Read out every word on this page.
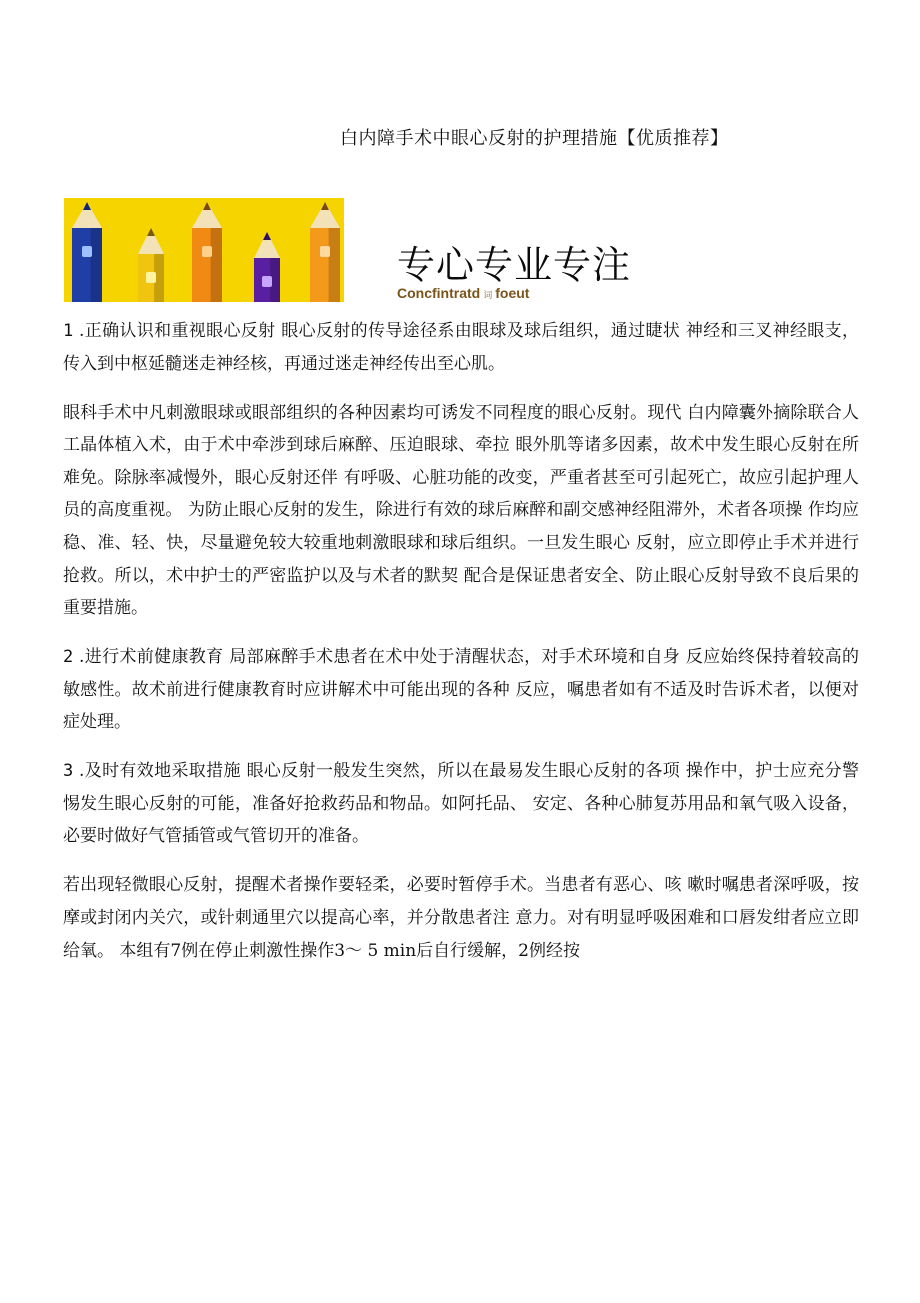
白内障手术中眼心反射的护理措施【优质推荐】
专心专业专注
Concfintratd 词 foeut

1 .正确认识和重视眼心反射 眼心反射的传导途径系由眼球及球后组织，通过睫状 神经和三叉神经眼支，传入到中枢延髓迷走神经核，再通过迷走神经传出至心肌。

眼科手术中凡刺激眼球或眼部组织的各种因素均可诱发不同程度的眼心反射。现代 白内障囊外摘除联合人工晶体植入术，由于术中牵涉到球后麻醉、压迫眼球、牵拉 眼外肌等诸多因素，故术中发生眼心反射在所难免。除脉率减慢外，眼心反射还伴 有呼吸、心脏功能的改变，严重者甚至可引起死亡，故应引起护理人员的高度重视。 为防止眼心反射的发生，除进行有效的球后麻醉和副交感神经阻滞外，术者各项操 作均应稳、准、轻、快，尽量避免较大较重地刺激眼球和球后组织。一旦发生眼心 反射，应立即停止手术并进行抢救。所以，术中护士的严密监护以及与术者的默契 配合是保证患者安全、防止眼心反射导致不良后果的重要措施。

2 .进行术前健康教育 局部麻醉手术患者在术中处于清醒状态，对手术环境和自身 反应始终保持着较高的敏感性。故术前进行健康教育时应讲解术中可能出现的各种 反应，嘱患者如有不适及时告诉术者，以便对症处理。

3 .及时有效地采取措施 眼心反射一般发生突然，所以在最易发生眼心反射的各项 操作中，护士应充分警惕发生眼心反射的可能，准备好抢救药品和物品。如阿托品、 安定、各种心肺复苏用品和氧气吸入设备，必要时做好气管插管或气管切开的准备。

若出现轻微眼心反射，提醒术者操作要轻柔，必要时暂停手术。当患者有恶心、咳 嗽时嘱患者深呼吸，按摩或封闭内关穴，或针刺通里穴以提高心率，并分散患者注 意力。对有明显呼吸困难和口唇发绀者应立即给氧。 本组有7例在停止刺激性操作3〜 5 min后自行缓解，2例经按
